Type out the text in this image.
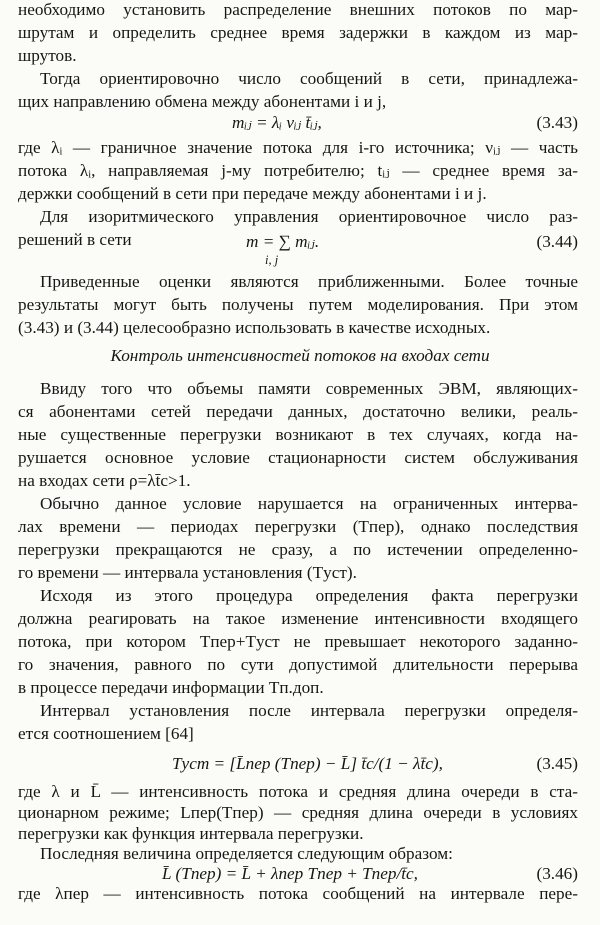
необходимо установить распределение внешних потоков по мар-
шрутам и определить среднее время задержки в каждом из мар-
шрутов.
Тогда ориентировочно число сообщений в сети, принадлежа-
щих направлению обмена между абонентами i и j,
mᵢⱼ = λᵢ νᵢⱼ t̄ᵢⱼ,	(3.43)
где λᵢ — граничное значение потока для i-го источника; νᵢⱼ — часть
потока λᵢ, направляемая j-му потребителю; tᵢⱼ — среднее время за-
держки сообщений в сети при передаче между абонентами i и j.
Для изоритмического управления ориентировочное число раз-
решений в сети	m = ∑ mᵢⱼ.
i, j
(3.44)
Приведенные оценки являются приближенными. Более точные
результаты могут быть получены путем моделирования. При этом
(3.43) и (3.44) целесообразно использовать в качестве исходных.
Контроль интенсивностей потоков на входах сети
Ввиду того что объемы памяти современных ЭВМ, являющих-
ся абонентами сетей передачи данных, достаточно велики, реаль-
ные существенные перегрузки возникают в тех случаях, когда на-
рушается основное условие стационарности систем обслуживания
на входах сети ρ=λt̄c>1.
Обычно данное условие нарушается на ограниченных интерва-
лах времени — периодах перегрузки (Tпер), однако последствия
перегрузки прекращаются не сразу, а по истечении определенно-
го времени — интервала установления (Tуст).
Исходя из этого процедура определения факта перегрузки
должна реагировать на такое изменение интенсивности входящего
потока, при котором Tпер+Tуст не превышает некоторого заданно-
го значения, равного по сути допустимой длительности перерыва
в процессе передачи информации Tп.доп.
Интервал установления после интервала перегрузки определя-
ется соотношением [64]
Tуст = [L̄пер (Tпер) − L̄] t̄c/(1 − λt̄c),	(3.45)
где λ и L̄ — интенсивность потока и средняя длина очереди в ста-
ционарном режиме; Lпер(Tпер) — средняя длина очереди в условиях
перегрузки как функция интервала перегрузки.
Последняя величина определяется следующим образом:
L̄ (Tпер) = L̄ + λпер Tпер + Tпер/t̄c,	(3.46)
где λпер — интенсивность потока сообщений на интервале пере-
